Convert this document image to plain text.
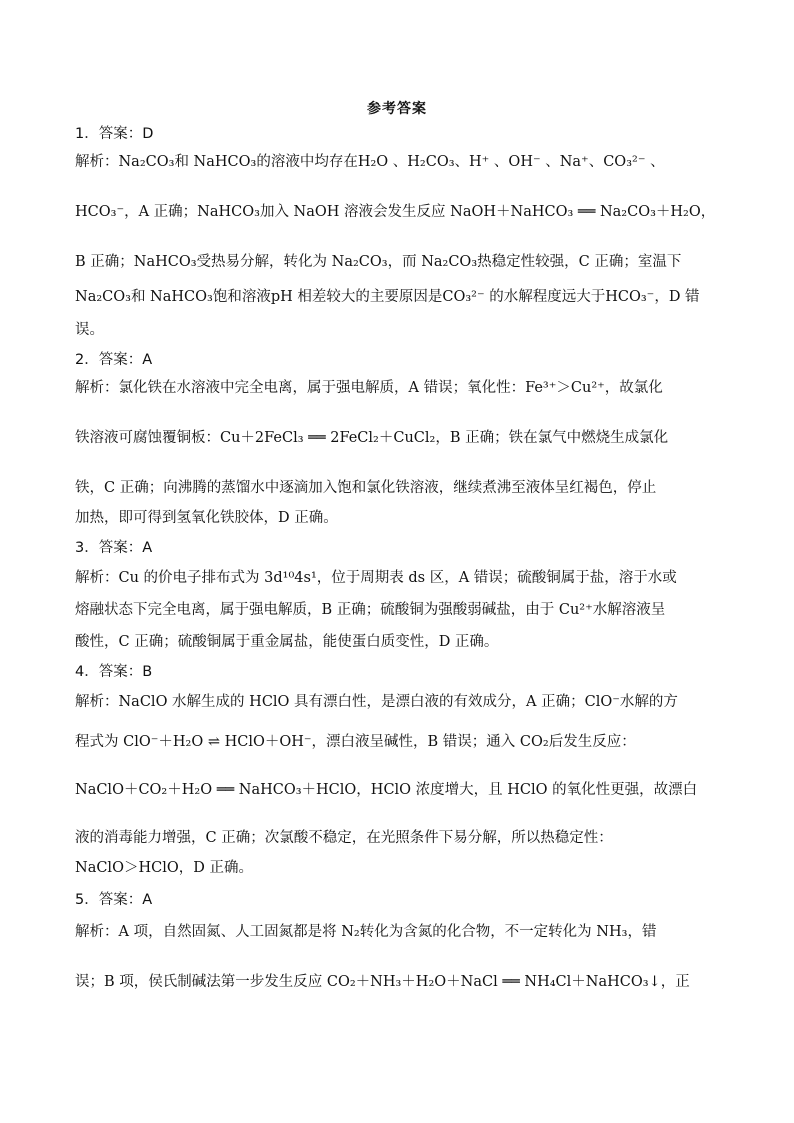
参考答案
1．答案：D
解析：Na₂CO₃和 NaHCO₃的溶液中均存在H₂O 、H₂CO₃、H⁺ 、OH⁻ 、Na⁺、CO₃²⁻ 、
HCO₃⁻，A 正确；NaHCO₃加入 NaOH 溶液会发生反应 NaOH＋NaHCO₃ ══ Na₂CO₃＋H₂O，
B 正确；NaHCO₃受热易分解，转化为 Na₂CO₃，而 Na₂CO₃热稳定性较强，C 正确；室温下
Na₂CO₃和 NaHCO₃饱和溶液pH 相差较大的主要原因是CO₃²⁻ 的水解程度远大于HCO₃⁻，D 错
误。
2．答案：A
解析：氯化铁在水溶液中完全电离，属于强电解质，A 错误；氧化性：Fe³⁺＞Cu²⁺，故氯化
铁溶液可腐蚀覆铜板：Cu＋2FeCl₃ ══ 2FeCl₂＋CuCl₂，B 正确；铁在氯气中燃烧生成氯化
铁，C 正确；向沸腾的蒸馏水中逐滴加入饱和氯化铁溶液，继续煮沸至液体呈红褐色，停止
加热，即可得到氢氧化铁胶体，D 正确。
3．答案：A
解析：Cu 的价电子排布式为 3d¹⁰4s¹，位于周期表 ds 区，A 错误；硫酸铜属于盐，溶于水或
熔融状态下完全电离，属于强电解质，B 正确；硫酸铜为强酸弱碱盐，由于 Cu²⁺水解溶液呈
酸性，C 正确；硫酸铜属于重金属盐，能使蛋白质变性，D 正确。
4．答案：B
解析：NaClO 水解生成的 HClO 具有漂白性，是漂白液的有效成分，A 正确；ClO⁻水解的方
程式为 ClO⁻＋H₂O ⇌ HClO＋OH⁻，漂白液呈碱性，B 错误；通入 CO₂后发生反应：
NaClO＋CO₂＋H₂O ══ NaHCO₃＋HClO，HClO 浓度增大，且 HClO 的氧化性更强，故漂白
液的消毒能力增强，C 正确；次氯酸不稳定，在光照条件下易分解，所以热稳定性：
NaClO＞HClO，D 正确。
5．答案：A
解析：A 项，自然固氮、人工固氮都是将 N₂转化为含氮的化合物，不一定转化为 NH₃，错
误；B 项，侯氏制碱法第一步发生反应 CO₂＋NH₃＋H₂O＋NaCl ══ NH₄Cl＋NaHCO₃↓，正
